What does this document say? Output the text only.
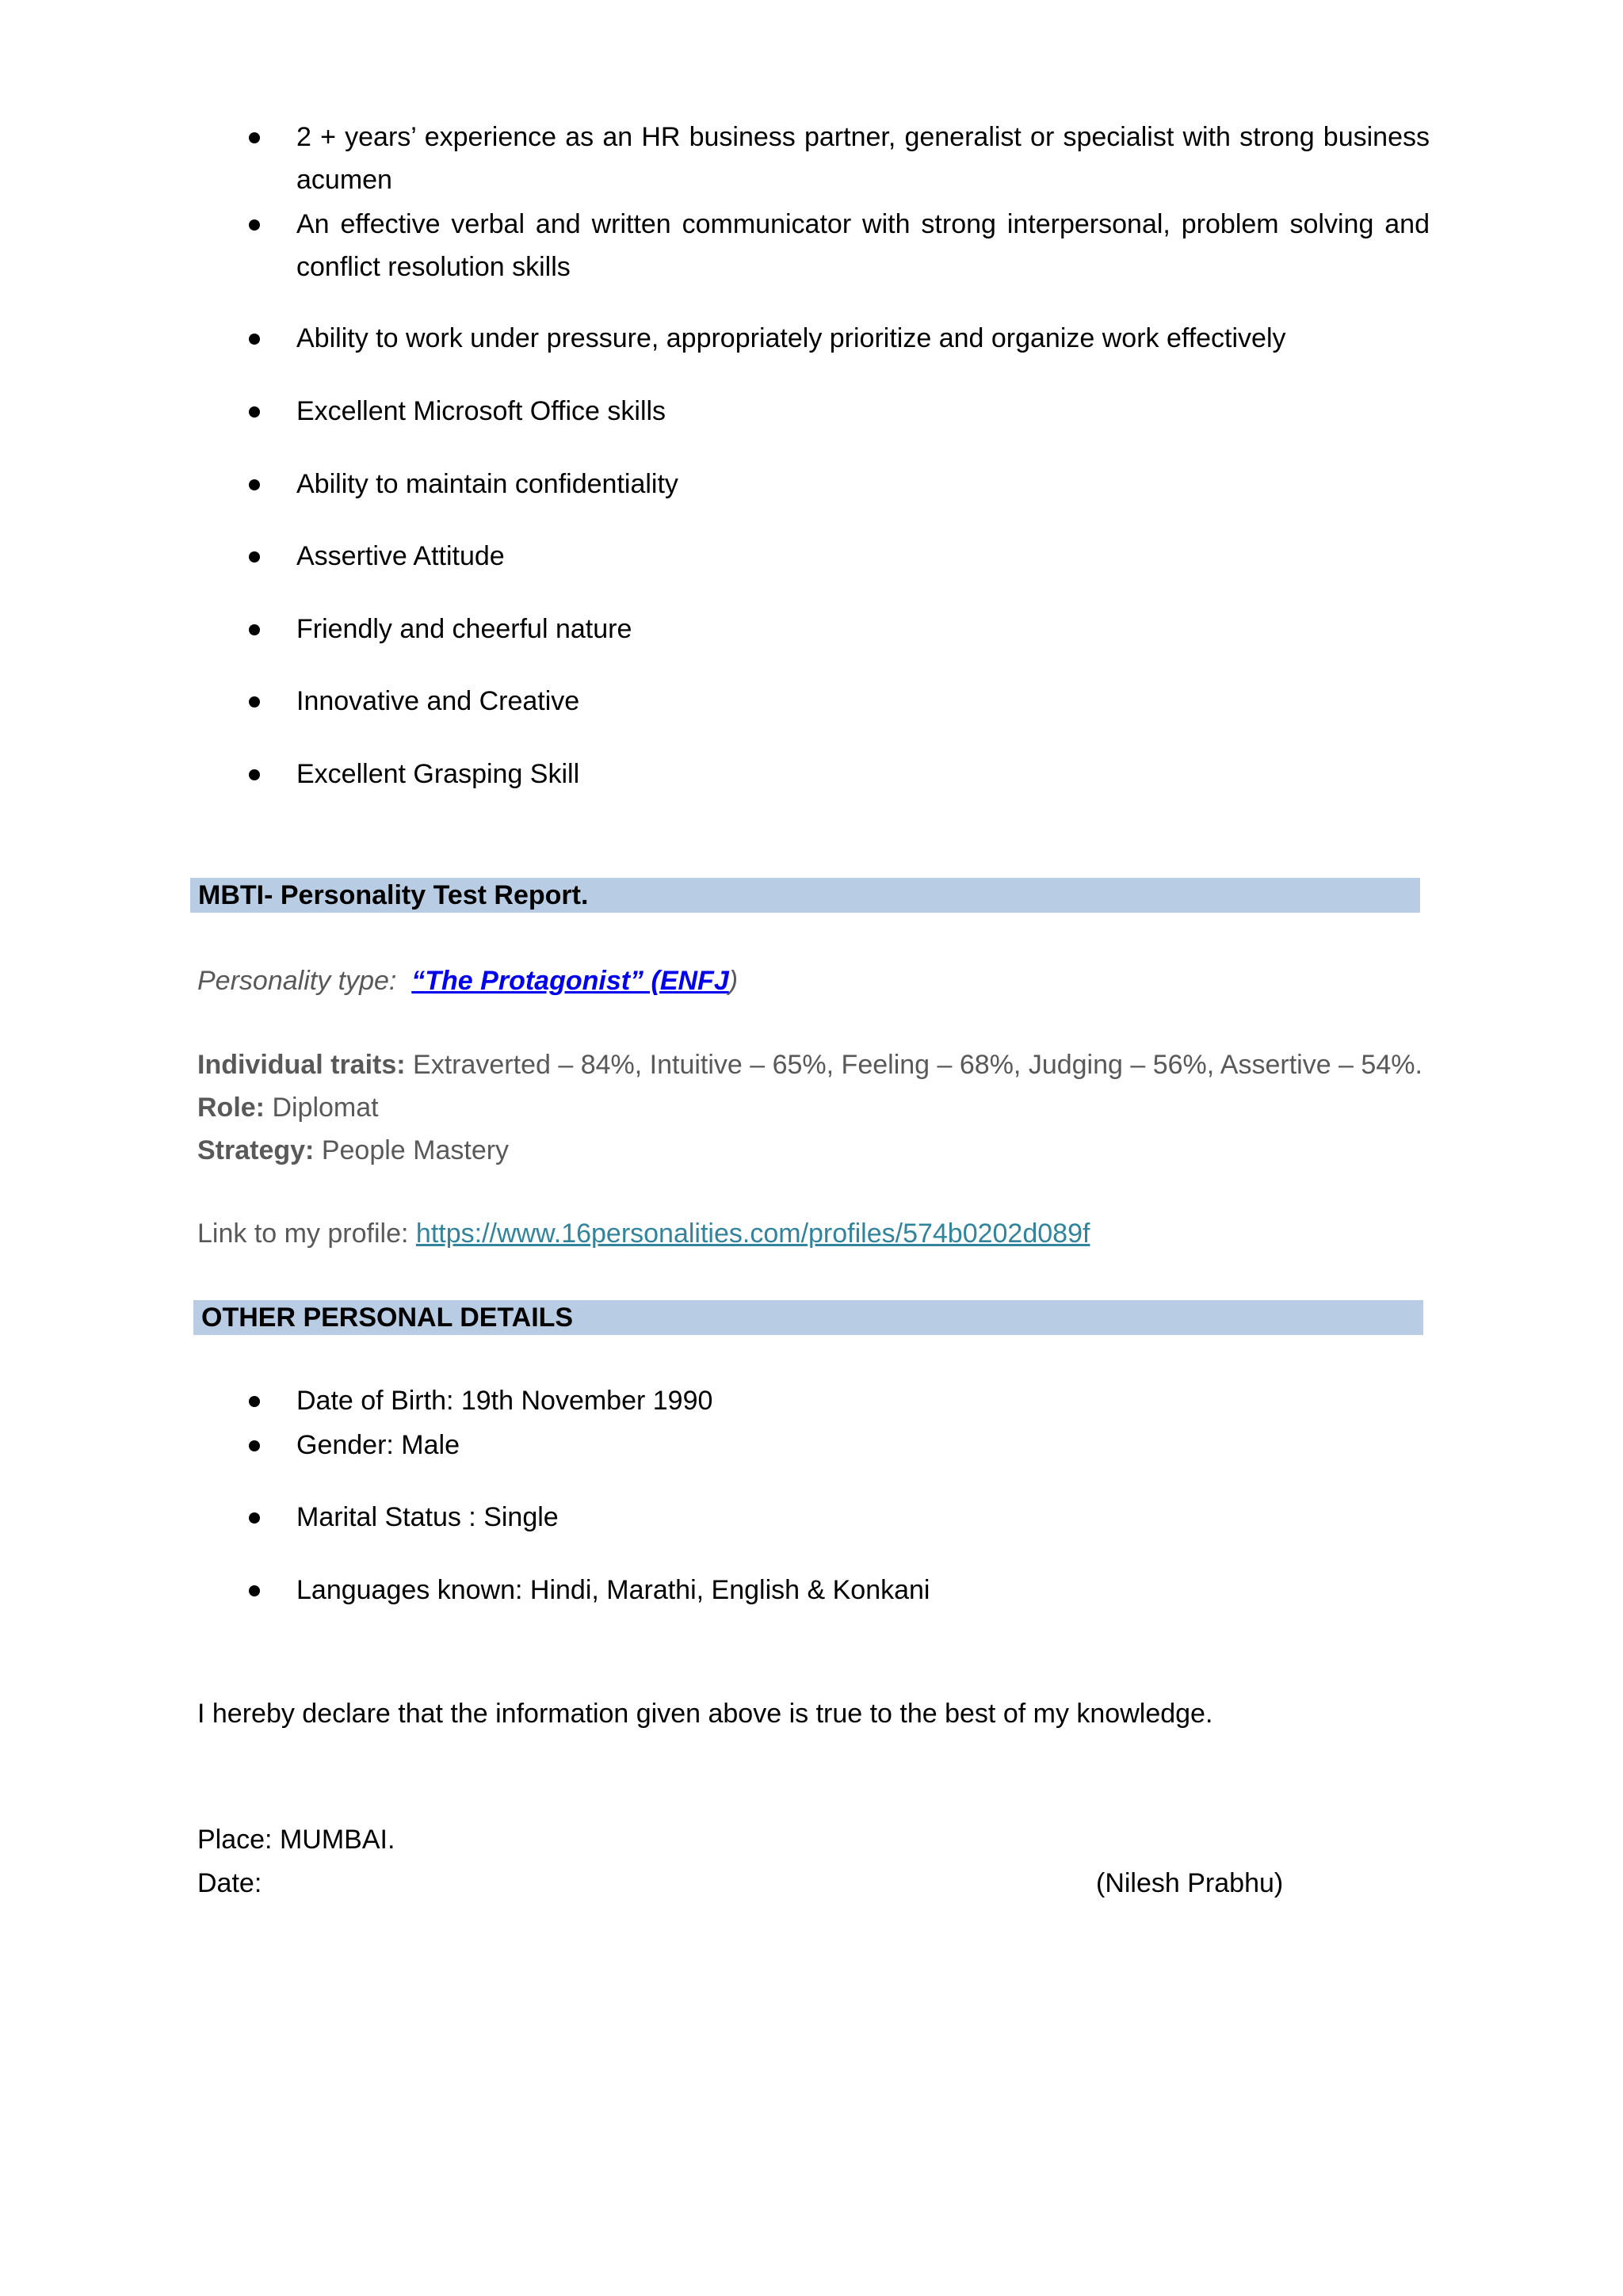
2 + years’ experience as an HR business partner, generalist or specialist with strong business acumen
An effective verbal and written communicator with strong interpersonal, problem solving and conflict resolution skills
Ability to work under pressure, appropriately prioritize and organize work effectively
Excellent Microsoft Office skills
Ability to maintain confidentiality
Assertive Attitude
Friendly and cheerful nature
Innovative and Creative
Excellent Grasping Skill
MBTI- Personality Test Report.
Personality type: “The Protagonist” (ENFJ)
Individual traits: Extraverted – 84%, Intuitive – 65%, Feeling – 68%, Judging – 56%, Assertive – 54%.
Role: Diplomat
Strategy: People Mastery
Link to my profile: https://www.16personalities.com/profiles/574b0202d089f
OTHER PERSONAL DETAILS
Date of Birth: 19th November 1990
Gender: Male
Marital Status : Single
Languages known: Hindi, Marathi, English & Konkani
I hereby declare that the information given above is true to the best of my knowledge.
Place: MUMBAI.
Date:	(Nilesh Prabhu)
